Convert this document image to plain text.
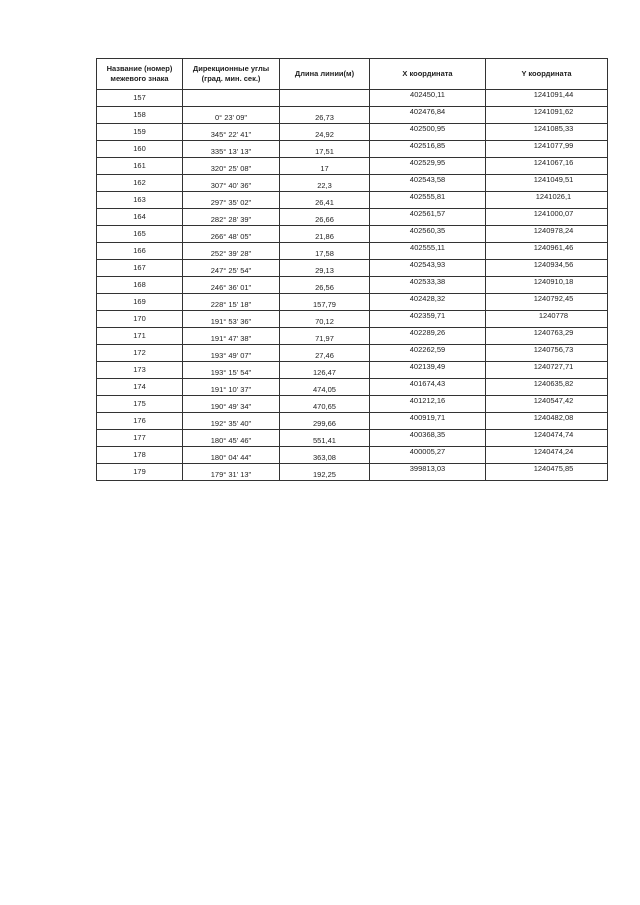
Название (номер) межевого знака	Дирекционные углы (град. мин. сек.)	Длина линии(м)	X координата	Y координата
157			402450,11	1241091,44

158	0° 23' 09"	26,73	402476,84	1241091,62

159	345° 22' 41"	24,92	402500,95	1241085,33

160	335° 13' 13"	17,51	402516,85	1241077,99

161	320° 25' 08"	17	402529,95	1241067,16

162	307° 40' 36"	22,3	402543,58	1241049,51

163	297° 35' 02"	26,41	402555,81	1241026,1

164	282° 28' 39"	26,66	402561,57	1241000,07

165	266° 48' 05"	21,86	402560,35	1240978,24

166	252° 39' 28"	17,58	402555,11	1240961,46

167	247° 25' 54"	29,13	402543,93	1240934,56

168	246° 36' 01"	26,56	402533,38	1240910,18

169	228° 15' 18"	157,79	402428,32	1240792,45

170	191° 53' 36"	70,12	402359,71	1240778

171	191° 47' 38"	71,97	402289,26	1240763,29

172	193° 49' 07"	27,46	402262,59	1240756,73

173	193° 15' 54"	126,47	402139,49	1240727,71

174	191° 10' 37"	474,05	401674,43	1240635,82

175	190° 49' 34"	470,65	401212,16	1240547,42

176	192° 35' 40"	299,66	400919,71	1240482,08

177	180° 45' 46"	551,41	400368,35	1240474,74

178	180° 04' 44"	363,08	400005,27	1240474,24

179	179° 31' 13"	192,25	399813,03	1240475,85
